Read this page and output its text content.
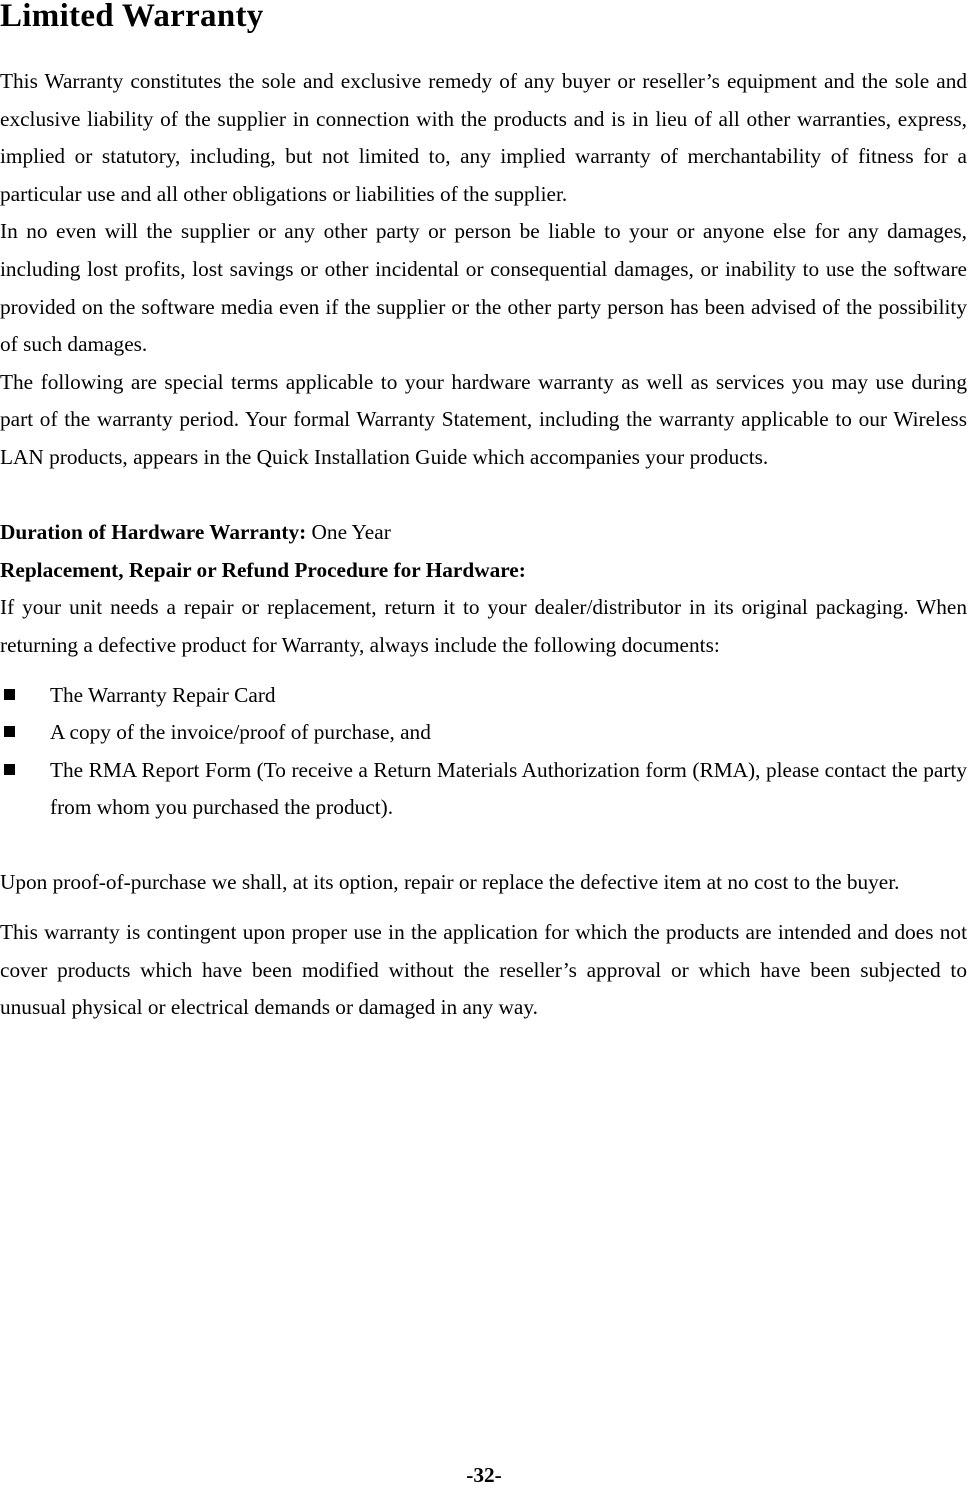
Limited Warranty

This Warranty constitutes the sole and exclusive remedy of any buyer or reseller’s equipment and the sole and exclusive liability of the supplier in connection with the products and is in lieu of all other warranties, express, implied or statutory, including, but not limited to, any implied warranty of merchantability of fitness for a particular use and all other obligations or liabilities of the supplier.

In no even will the supplier or any other party or person be liable to your or anyone else for any damages, including lost profits, lost savings or other incidental or consequential damages, or inability to use the software provided on the software media even if the supplier or the other party person has been advised of the possibility of such damages.

The following are special terms applicable to your hardware warranty as well as services you may use during part of the warranty period. Your formal Warranty Statement, including the warranty applicable to our Wireless LAN products, appears in the Quick Installation Guide which accompanies your products.

Duration of Hardware Warranty: One Year

Replacement, Repair or Refund Procedure for Hardware:

If your unit needs a repair or replacement, return it to your dealer/distributor in its original packaging. When returning a defective product for Warranty, always include the following documents:

The Warranty Repair Card
A copy of the invoice/proof of purchase, and
The RMA Report Form (To receive a Return Materials Authorization form (RMA), please contact the party from whom you purchased the product).

Upon proof-of-purchase we shall, at its option, repair or replace the defective item at no cost to the buyer.

This warranty is contingent upon proper use in the application for which the products are intended and does not cover products which have been modified without the reseller’s approval or which have been subjected to unusual physical or electrical demands or damaged in any way.

-32-
